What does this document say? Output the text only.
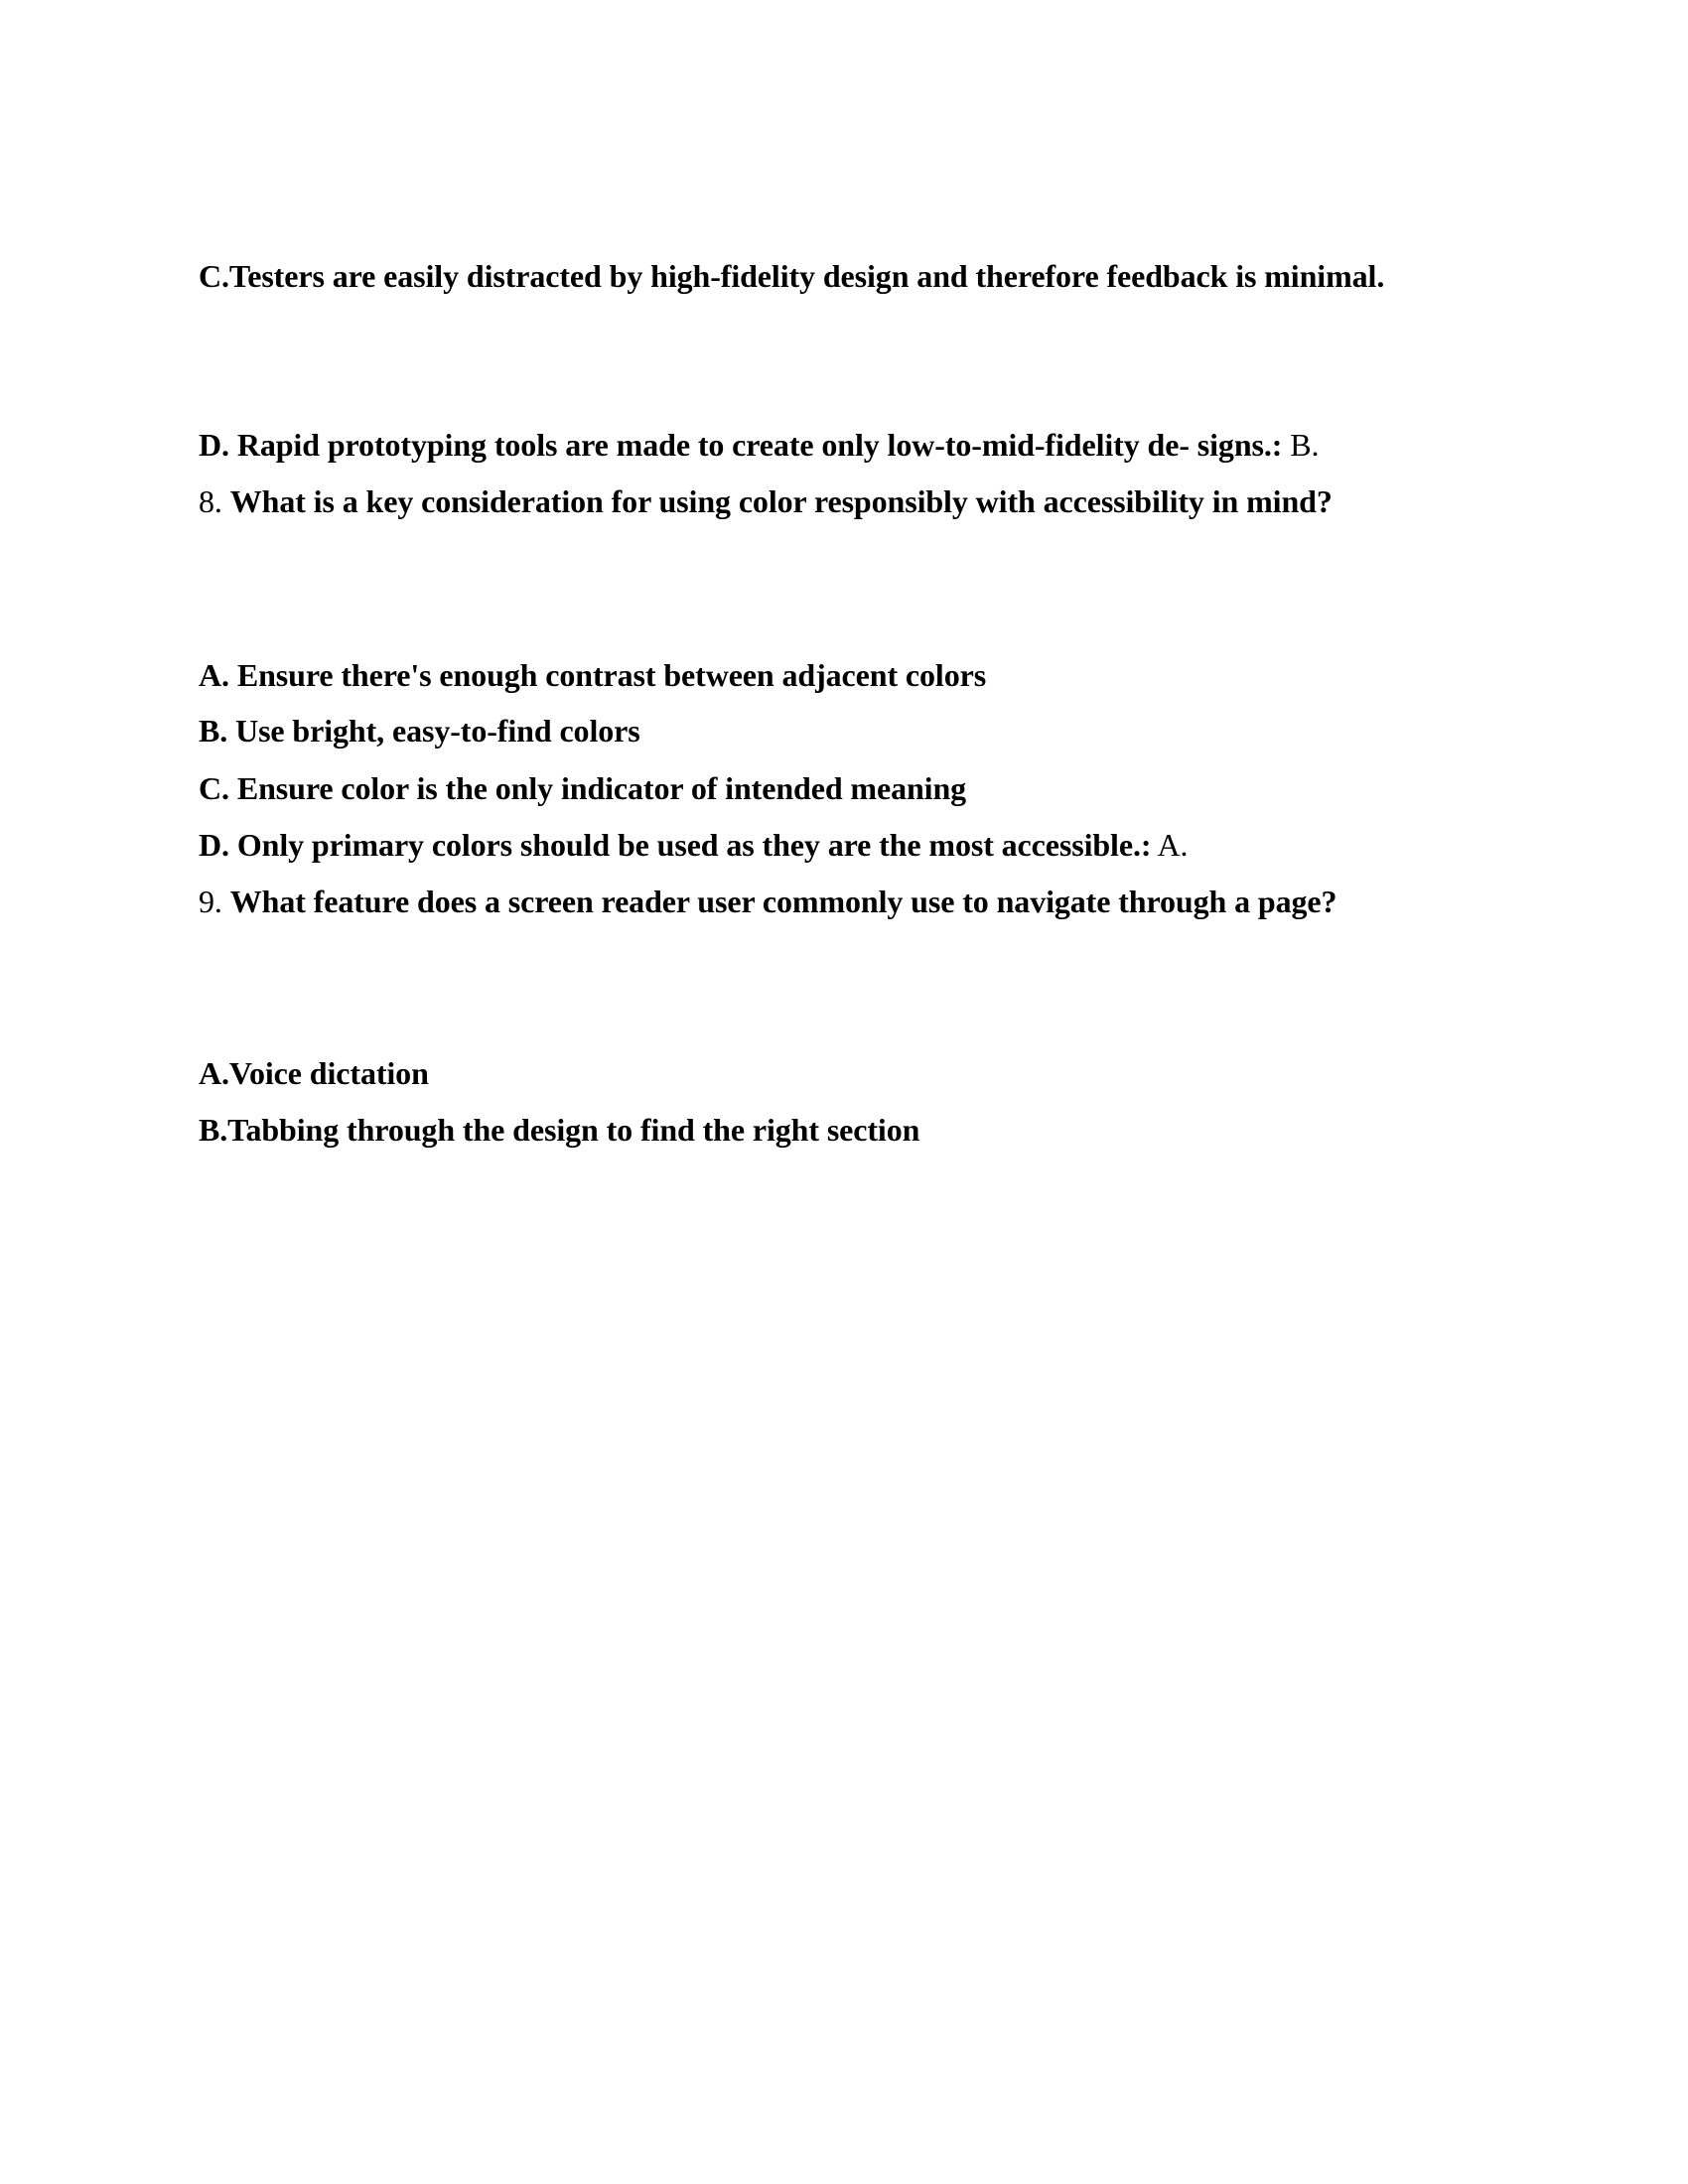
C.Testers are easily distracted by high-fidelity design and therefore feedback is minimal.
D. Rapid prototyping tools are made to create only low-to-mid-fidelity de- signs.: B.
8. What is a key consideration for using color responsibly with accessibility in mind?
A. Ensure there's enough contrast between adjacent colors
B. Use bright, easy-to-find colors
C. Ensure color is the only indicator of intended meaning
D. Only primary colors should be used as they are the most accessible.: A.
9. What feature does a screen reader user commonly use to navigate through a page?
A.Voice dictation
B.Tabbing through the design to find the right section
